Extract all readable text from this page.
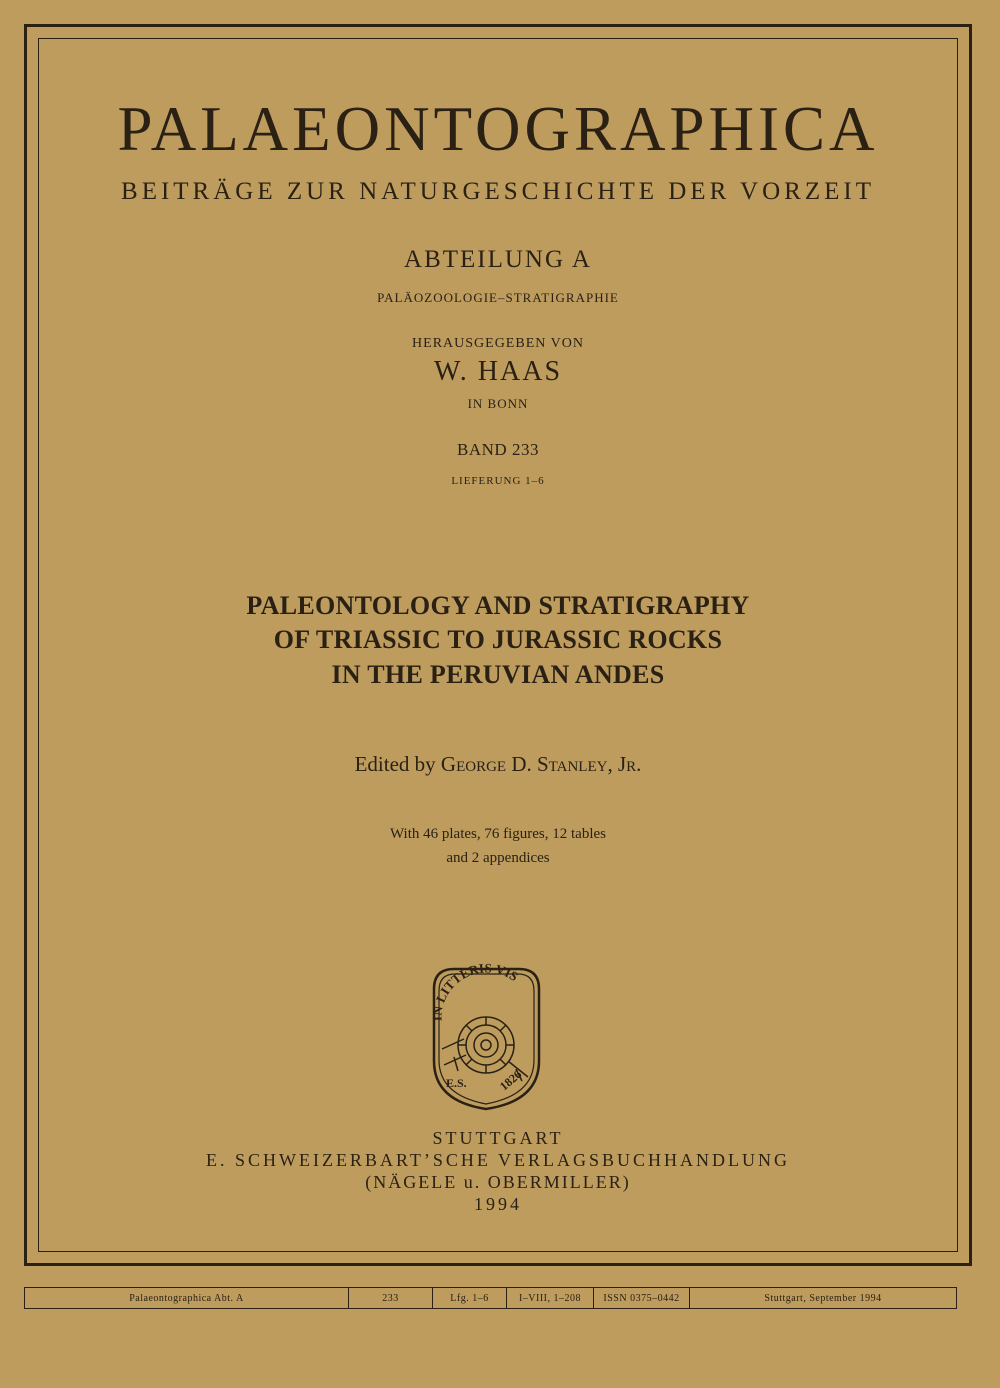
PALAEONTOGRAPHICA
BEITRÄGE ZUR NATURGESCHICHTE DER VORZEIT
ABTEILUNG A
PALÄOZOOLOGIE–STRATIGRAPHIE
HERAUSGEGEBEN VON
W. HAAS
IN BONN
BAND 233
LIEFERUNG 1–6
PALEONTOLOGY AND STRATIGRAPHY
OF TRIASSIC TO JURASSIC ROCKS
IN THE PERUVIAN ANDES
Edited by George D. Stanley, Jr.
With 46 plates, 76 figures, 12 tables
and 2 appendices
IN LITTERIS VIS
E.S.	1826
STUTTGART
E. SCHWEIZERBART’SCHE VERLAGSBUCHHANDLUNG
(NÄGELE u. OBERMILLER)
1994
Palaeontographica Abt. A	233	Lfg. 1–6	I–VIII, 1–208	ISSN 0375–0442	Stuttgart, September 1994
